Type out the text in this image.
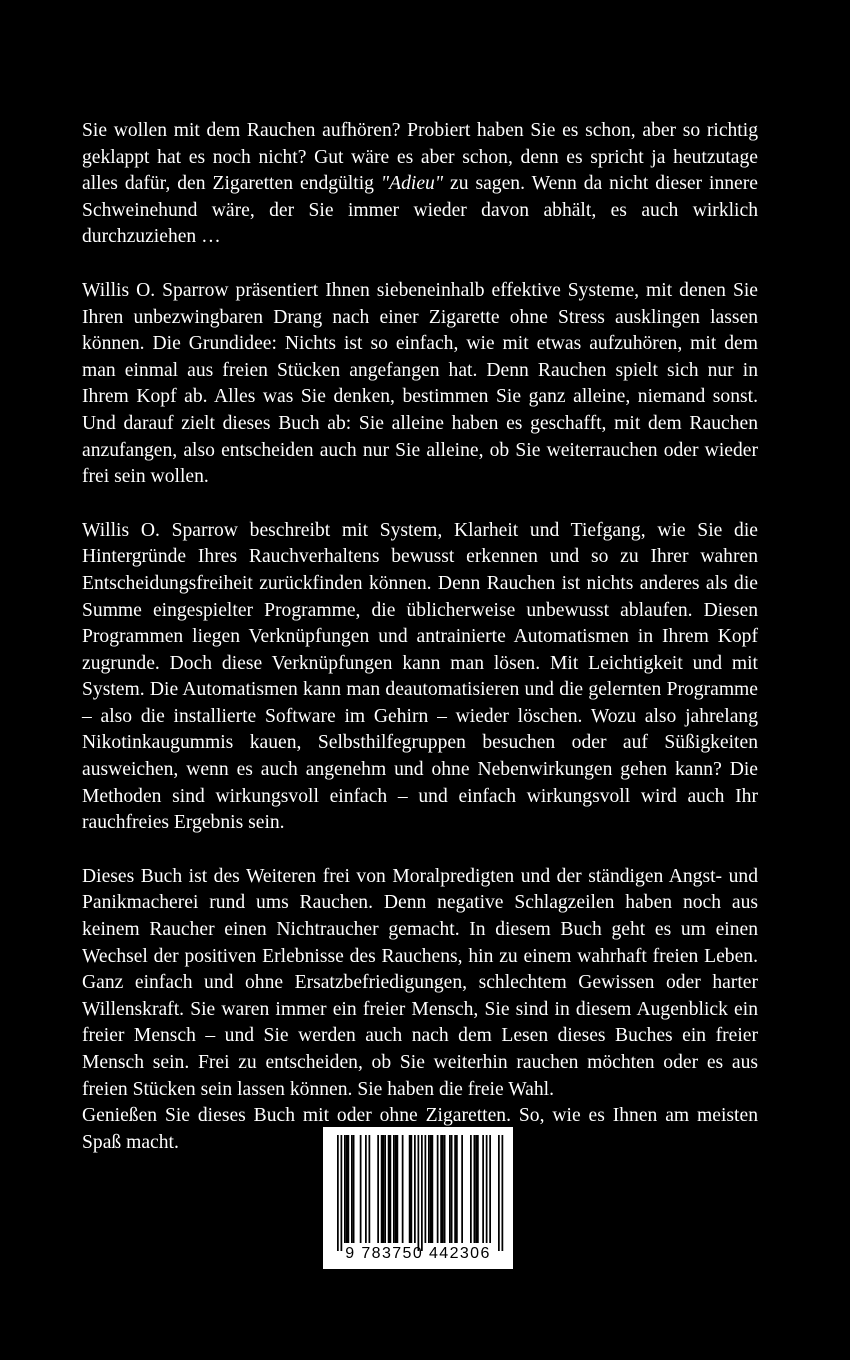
Sie wollen mit dem Rauchen aufhören? Probiert haben Sie es schon, aber so richtig geklappt hat es noch nicht? Gut wäre es aber schon, denn es spricht ja heutzutage alles dafür, den Zigaretten endgültig "Adieu" zu sagen. Wenn da nicht dieser innere Schweinehund wäre, der Sie immer wieder davon abhält, es auch wirklich durchzuziehen …

Willis O. Sparrow präsentiert Ihnen siebeneinhalb effektive Systeme, mit denen Sie Ihren unbezwingbaren Drang nach einer Zigarette ohne Stress ausklingen lassen können. Die Grundidee: Nichts ist so einfach, wie mit etwas aufzuhören, mit dem man einmal aus freien Stücken angefangen hat. Denn Rauchen spielt sich nur in Ihrem Kopf ab. Alles was Sie denken, bestimmen Sie ganz alleine, niemand sonst. Und darauf zielt dieses Buch ab: Sie alleine haben es geschafft, mit dem Rauchen anzufangen, also entscheiden auch nur Sie alleine, ob Sie weiterrauchen oder wieder frei sein wollen.

Willis O. Sparrow beschreibt mit System, Klarheit und Tiefgang, wie Sie die Hintergründe Ihres Rauchverhaltens bewusst erkennen und so zu Ihrer wahren Entscheidungsfreiheit zurückfinden können. Denn Rauchen ist nichts anderes als die Summe eingespielter Programme, die üblicherweise unbewusst ablaufen. Diesen Programmen liegen Verknüpfungen und antrainierte Automatismen in Ihrem Kopf zugrunde. Doch diese Verknüpfungen kann man lösen. Mit Leichtigkeit und mit System. Die Automatismen kann man deautomatisieren und die gelernten Programme – also die installierte Software im Gehirn – wieder löschen. Wozu also jahrelang Nikotinkaugummis kauen, Selbsthilfegruppen besuchen oder auf Süßigkeiten ausweichen, wenn es auch angenehm und ohne Nebenwirkungen gehen kann? Die Methoden sind wirkungsvoll einfach – und einfach wirkungsvoll wird auch Ihr rauchfreies Ergebnis sein.

Dieses Buch ist des Weiteren frei von Moralpredigten und der ständigen Angst- und Panikmacherei rund ums Rauchen. Denn negative Schlagzeilen haben noch aus keinem Raucher einen Nichtraucher gemacht. In diesem Buch geht es um einen Wechsel der positiven Erlebnisse des Rauchens, hin zu einem wahrhaft freien Leben. Ganz einfach und ohne Ersatzbefriedigungen, schlechtem Gewissen oder harter Willenskraft. Sie waren immer ein freier Mensch, Sie sind in diesem Augenblick ein freier Mensch – und Sie werden auch nach dem Lesen dieses Buches ein freier Mensch sein. Frei zu entscheiden, ob Sie weiterhin rauchen möchten oder es aus freien Stücken sein lassen können. Sie haben die freie Wahl.

Genießen Sie dieses Buch mit oder ohne Zigaretten. So, wie es Ihnen am meisten Spaß macht.

9 783750 442306
